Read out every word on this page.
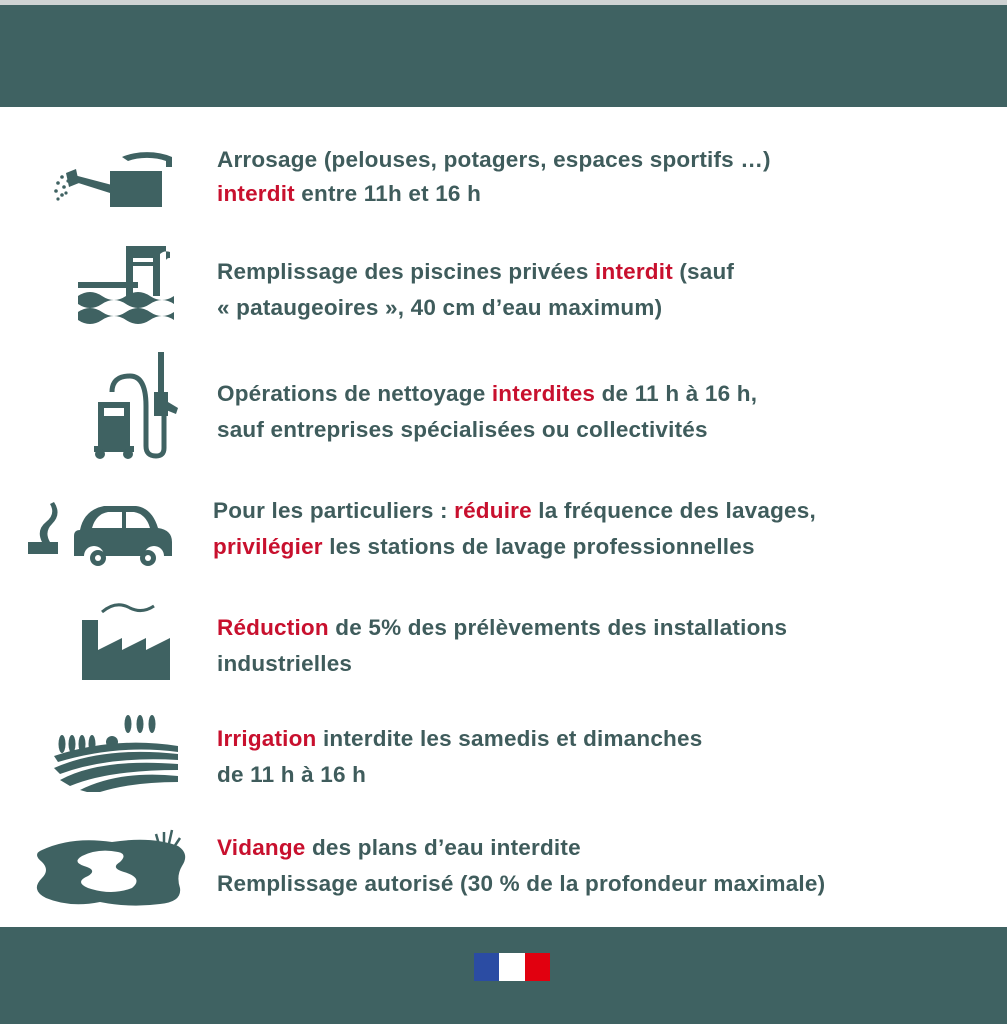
Arrosage (pelouses, potagers, espaces sportifs …)
interdit entre 11h et 16 h
Remplissage des piscines privées interdit (sauf
« pataugeoires », 40 cm d’eau maximum)
Opérations de nettoyage interdites de 11 h à 16 h,
sauf entreprises spécialisées ou collectivités
Pour les particuliers : réduire la fréquence des lavages,
privilégier les stations de lavage professionnelles
Réduction de 5% des prélèvements des installations
industrielles
Irrigation interdite les samedis et dimanches
de 11 h à 16 h
Vidange des plans d’eau interdite
Remplissage autorisé (30 % de la profondeur maximale)
